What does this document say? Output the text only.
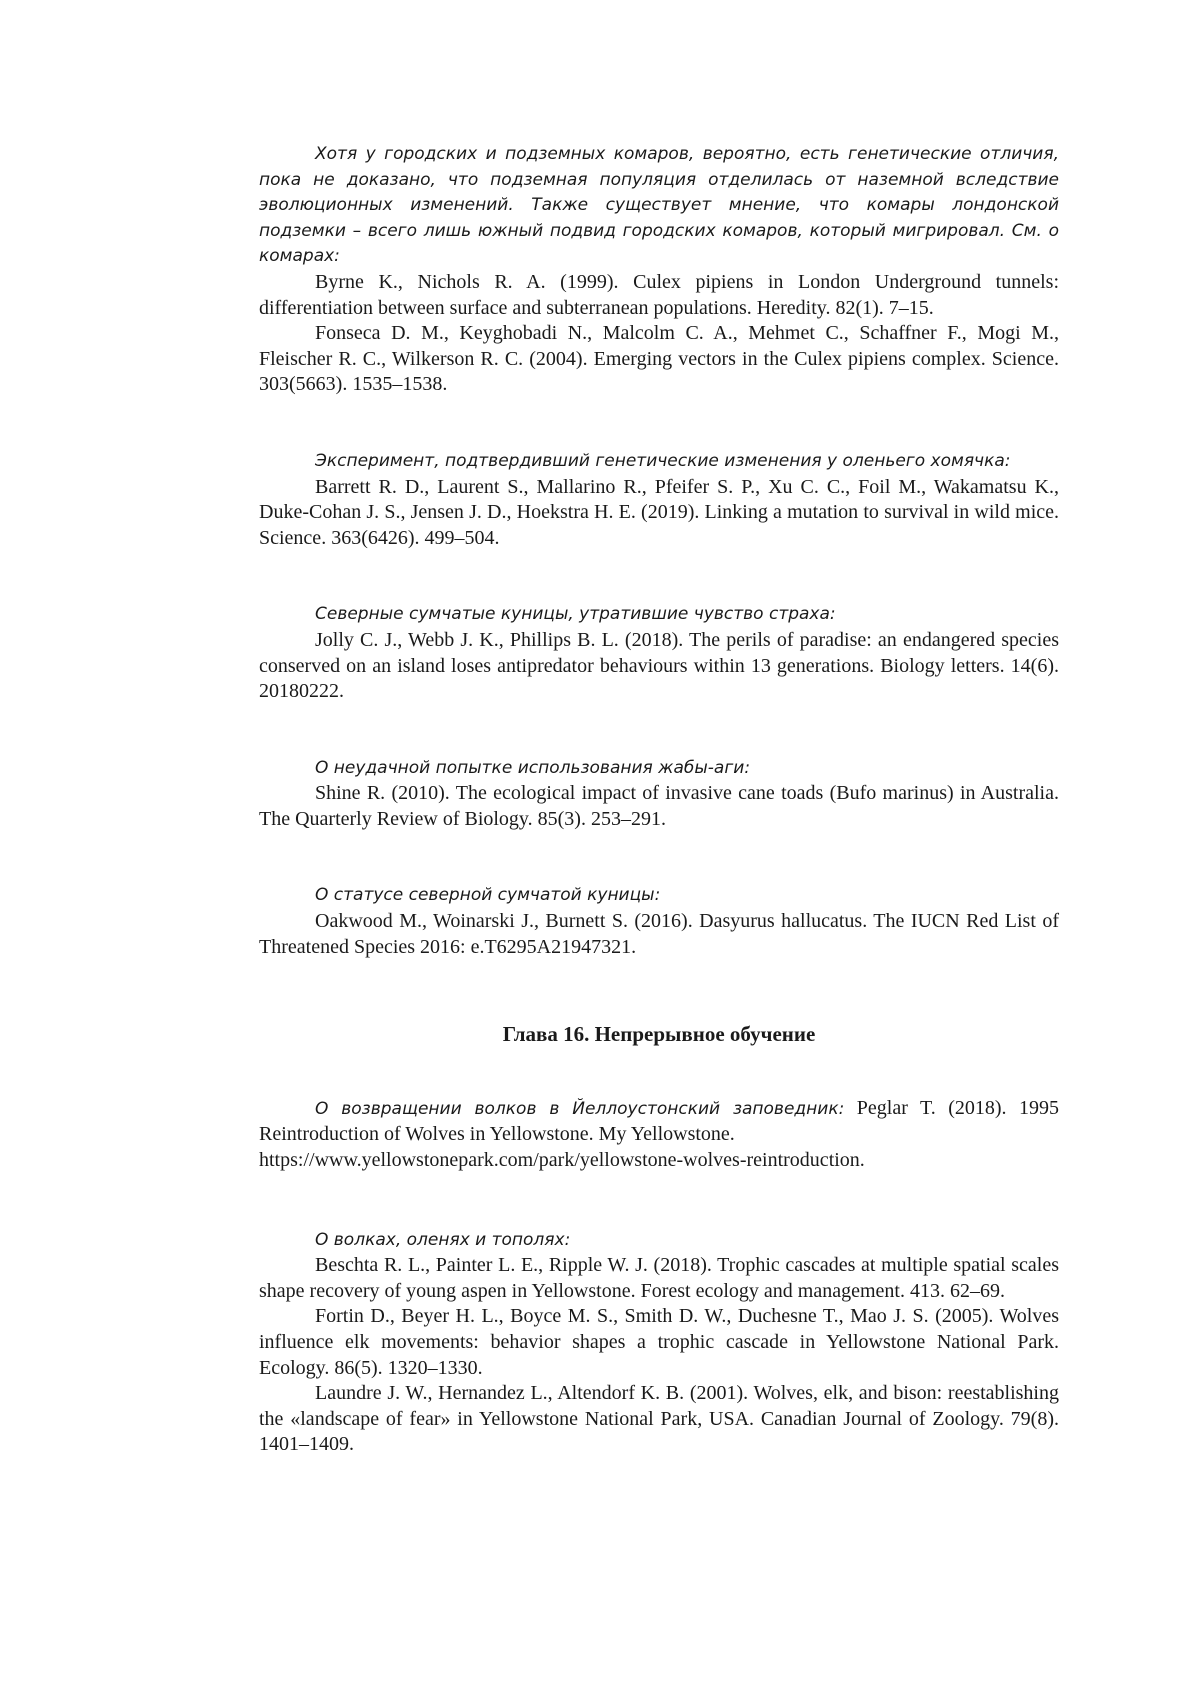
Хотя у городских и подземных комаров, вероятно, есть генетические отличия, пока не доказано, что подземная популяция отделилась от наземной вследствие эволюционных изменений. Также существует мнение, что комары лондонской подземки – всего лишь южный подвид городских комаров, который мигрировал. См. о комарах:

Byrne K., Nichols R. A. (1999). Culex pipiens in London Underground tunnels: differentiation between surface and subterranean populations. Heredity. 82(1). 7–15.

Fonseca D. M., Keyghobadi N., Malcolm C. A., Mehmet C., Schaffner F., Mogi M., Fleischer R. C., Wilkerson R. C. (2004). Emerging vectors in the Culex pipiens complex. Science. 303(5663). 1535–1538.

Эксперимент, подтвердивший генетические изменения у оленьего хомячка:

Barrett R. D., Laurent S., Mallarino R., Pfeifer S. P., Xu C. C., Foil M., Wakamatsu K., Duke-Cohan J. S., Jensen J. D., Hoekstra H. E. (2019). Linking a mutation to survival in wild mice. Science. 363(6426). 499–504.

Северные сумчатые куницы, утратившие чувство страха:

Jolly C. J., Webb J. K., Phillips B. L. (2018). The perils of paradise: an endangered species conserved on an island loses antipredator behaviours within 13 generations. Biology letters. 14(6). 20180222.

О неудачной попытке использования жабы-аги:

Shine R. (2010). The ecological impact of invasive cane toads (Bufo marinus) in Australia. The Quarterly Review of Biology. 85(3). 253–291.

О статусе северной сумчатой куницы:

Oakwood M., Woinarski J., Burnett S. (2016). Dasyurus hallucatus. The IUCN Red List of Threatened Species 2016: e.T6295A21947321.

Глава 16. Непрерывное обучение

О возвращении волков в Йеллоустонский заповедник: Peglar T. (2018). 1995 Reintroduction of Wolves in Yellowstone. My Yellowstone.

https://www.yellowstonepark.com/park/yellowstone-wolves-reintroduction.

О волках, оленях и тополях:

Beschta R. L., Painter L. E., Ripple W. J. (2018). Trophic cascades at multiple spatial scales shape recovery of young aspen in Yellowstone. Forest ecology and management. 413. 62–69.

Fortin D., Beyer H. L., Boyce M. S., Smith D. W., Duchesne T., Mao J. S. (2005). Wolves influence elk movements: behavior shapes a trophic cascade in Yellowstone National Park. Ecology. 86(5). 1320–1330.

Laundre J. W., Hernandez L., Altendorf K. B. (2001). Wolves, elk, and bison: reestablishing the «landscape of fear» in Yellowstone National Park, USA. Canadian Journal of Zoology. 79(8). 1401–1409.
